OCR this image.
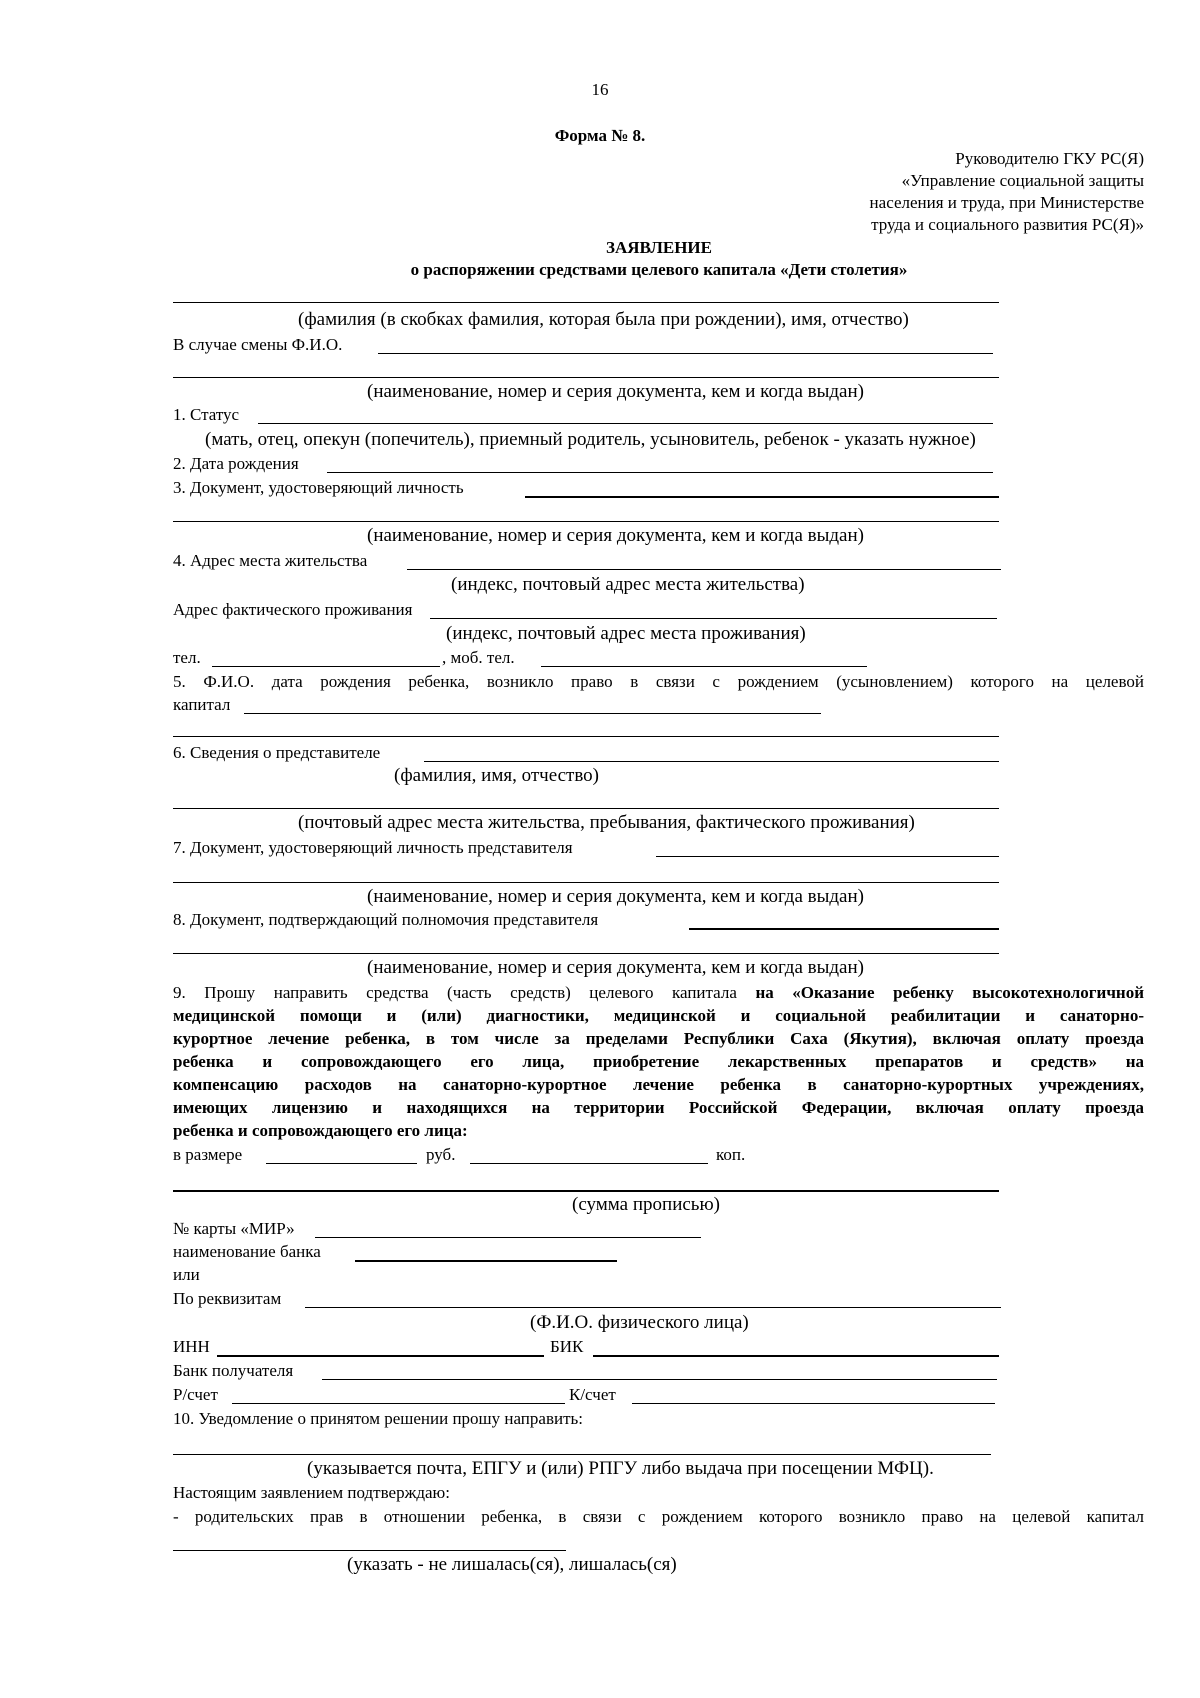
16
Форма № 8.
Руководителю ГКУ РС(Я)
«Управление социальной защиты
населения и труда, при Министерстве
труда и социального развития РС(Я)»
ЗАЯВЛЕНИЕ
о распоряжении средствами целевого капитала «Дети столетия»
(фамилия (в скобках фамилия, которая была при рождении), имя, отчество)
В случае смены Ф.И.О.
(наименование, номер и серия документа, кем и когда выдан)
1. Статус
(мать, отец, опекун (попечитель), приемный родитель, усыновитель, ребенок - указать нужное)
2. Дата рождения
3. Документ, удостоверяющий личность
(наименование, номер и серия документа, кем и когда выдан)
4. Адрес места жительства
(индекс, почтовый адрес места жительства)
Адрес фактического проживания
(индекс, почтовый адрес места проживания)
тел.	, моб. тел.
5. Ф.И.О. дата рождения ребенка, возникло право в связи с рождением (усыновлением) которого на целевой
капитал
6. Сведения о представителе
(фамилия, имя, отчество)
(почтовый адрес места жительства, пребывания, фактического проживания)
7. Документ, удостоверяющий личность представителя
(наименование, номер и серия документа, кем и когда выдан)
8. Документ, подтверждающий полномочия представителя
(наименование, номер и серия документа, кем и когда выдан)
9. Прошу направить средства (часть средств) целевого капитала на «Оказание ребенку высокотехнологичной
медицинской помощи и (или) диагностики, медицинской и социальной реабилитации и санаторно-
курортное лечение ребенка, в том числе за пределами Республики Саха (Якутия), включая оплату проезда
ребенка и сопровождающего его лица, приобретение лекарственных препаратов и средств» на
компенсацию расходов на санаторно-курортное лечение ребенка в санаторно-курортных учреждениях,
имеющих лицензию и находящихся на территории Российской Федерации, включая оплату проезда
ребенка и сопровождающего его лица:
в размере	руб.	коп.
(сумма прописью)
№ карты «МИР»
наименование банка
или
По реквизитам
(Ф.И.О. физического лица)
ИНН	БИК
Банк получателя
Р/счет	К/счет
10. Уведомление о принятом решении прошу направить:
(указывается почта, ЕПГУ и (или) РПГУ либо выдача при посещении МФЦ).
Настоящим заявлением подтверждаю:
- родительских прав в отношении ребенка, в связи с рождением которого возникло право на целевой капитал
(указать - не лишалась(ся), лишалась(ся)
